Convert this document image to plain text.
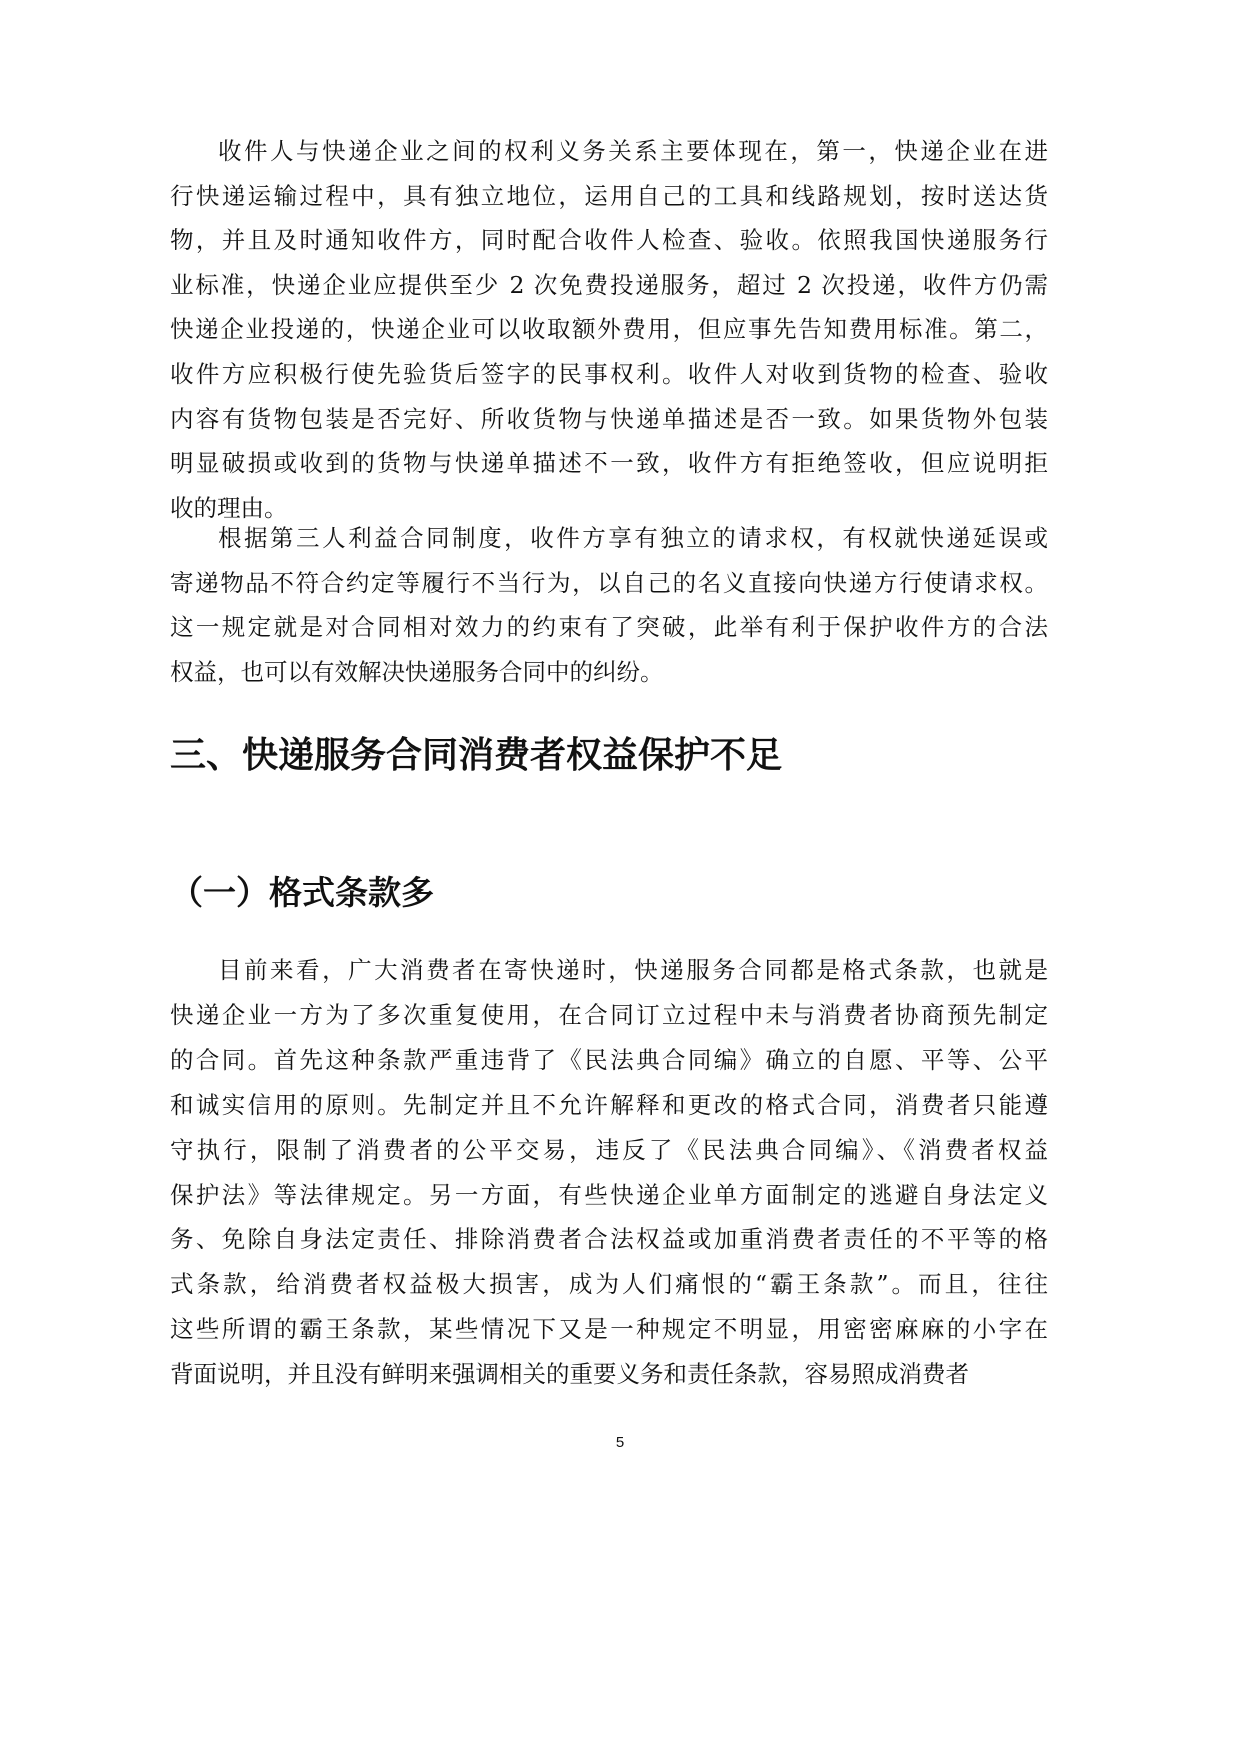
收件人与快递企业之间的权利义务关系主要体现在，第一，快递企业在进
行快递运输过程中，具有独立地位，运用自己的工具和线路规划，按时送达货
物，并且及时通知收件方，同时配合收件人检查、验收。依照我国快递服务行
业标准，快递企业应提供至少 2 次免费投递服务，超过 2 次投递，收件方仍需
快递企业投递的，快递企业可以收取额外费用，但应事先告知费用标准。第二，
收件方应积极行使先验货后签字的民事权利。收件人对收到货物的检查、验收
内容有货物包装是否完好、所收货物与快递单描述是否一致。如果货物外包装
明显破损或收到的货物与快递单描述不一致，收件方有拒绝签收，但应说明拒
收的理由。
根据第三人利益合同制度，收件方享有独立的请求权，有权就快递延误或
寄递物品不符合约定等履行不当行为，以自己的名义直接向快递方行使请求权。
这一规定就是对合同相对效力的约束有了突破，此举有利于保护收件方的合法
权益，也可以有效解决快递服务合同中的纠纷。
三、快递服务合同消费者权益保护不足
（一）格式条款多
目前来看，广大消费者在寄快递时，快递服务合同都是格式条款，也就是
快递企业一方为了多次重复使用，在合同订立过程中未与消费者协商预先制定
的合同。首先这种条款严重违背了《民法典合同编》确立的自愿、平等、公平
和诚实信用的原则。先制定并且不允许解释和更改的格式合同，消费者只能遵
守执行，限制了消费者的公平交易，违反了《民法典合同编》、《消费者权益
保护法》等法律规定。另一方面，有些快递企业单方面制定的逃避自身法定义
务、免除自身法定责任、排除消费者合法权益或加重消费者责任的不平等的格
式条款，给消费者权益极大损害，成为人们痛恨的“霸王条款”。而且，往往
这些所谓的霸王条款，某些情况下又是一种规定不明显，用密密麻麻的小字在
背面说明，并且没有鲜明来强调相关的重要义务和责任条款，容易照成消费者
5
